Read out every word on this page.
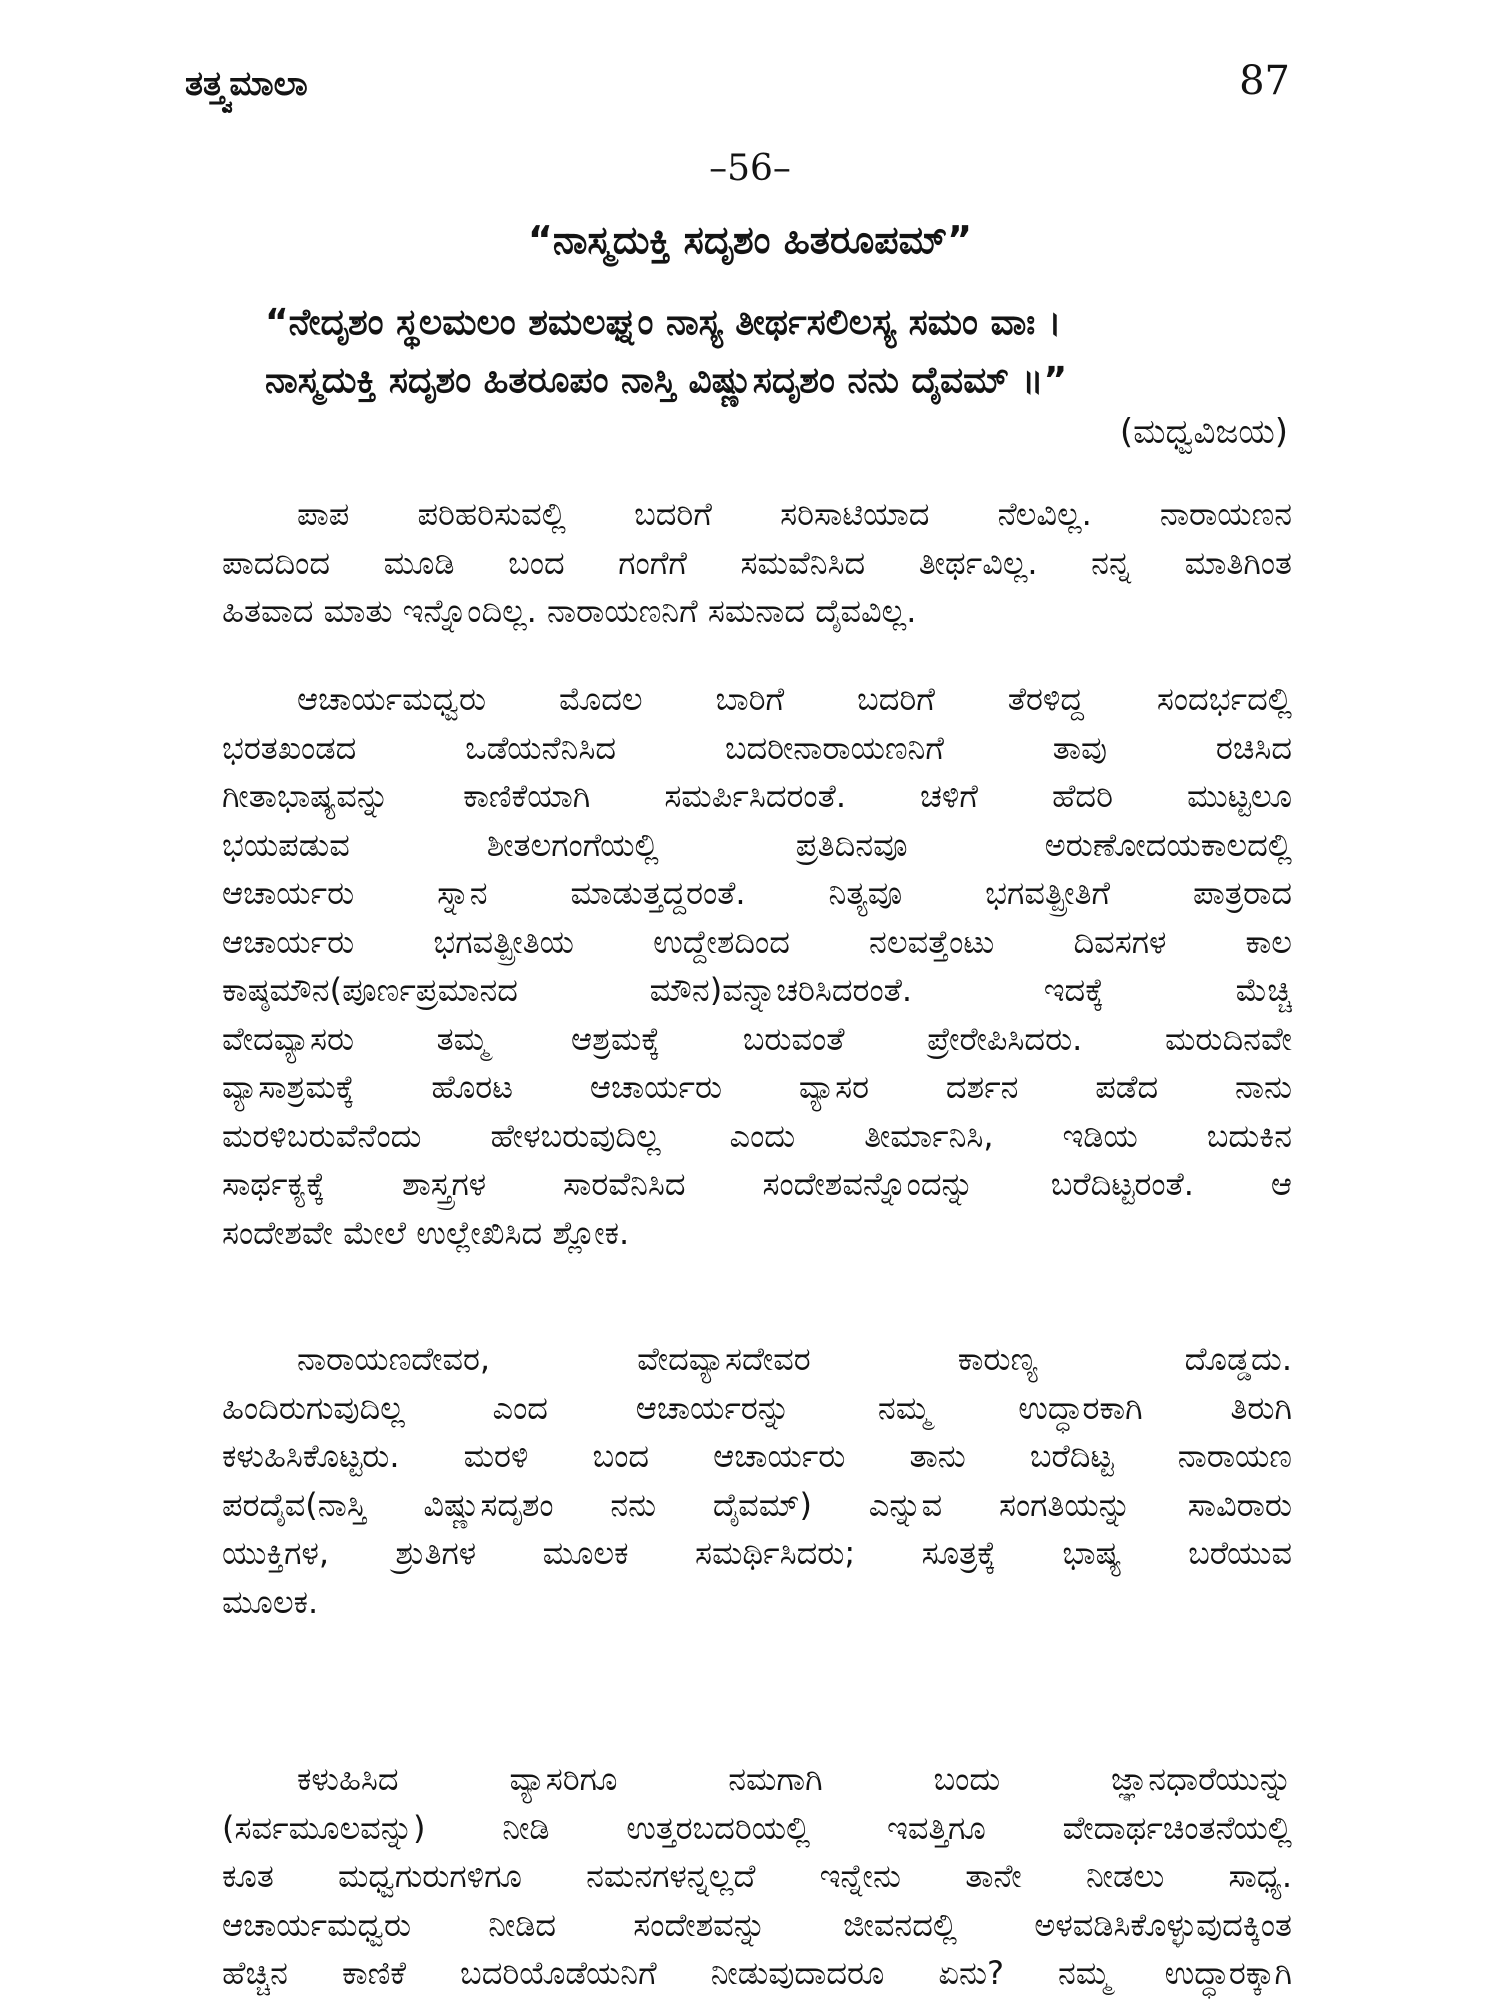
ತತ್ತ್ವಮಾಲಾ	87
–56–
“ನಾಸ್ಮದುಕ್ತಿ ಸದೃಶಂ ಹಿತರೂಪಮ್”
“ನೇದೃಶಂ ಸ್ಥಲಮಲಂ ಶಮಲಘ್ನಂ ನಾಸ್ಯ ತೀರ್ಥಸಲಿಲಸ್ಯ ಸಮಂ ವಾಃ ।
ನಾಸ್ಮದುಕ್ತಿ ಸದೃಶಂ ಹಿತರೂಪಂ ನಾಸ್ತಿ ವಿಷ್ಣುಸದೃಶಂ ನನು ದೈವಮ್ ॥”
(ಮಧ್ವವಿಜಯ)
ಪಾಪ ಪರಿಹರಿಸುವಲ್ಲಿ ಬದರಿಗೆ ಸರಿಸಾಟಿಯಾದ ನೆಲವಿಲ್ಲ. ನಾರಾಯಣನ
ಪಾದದಿಂದ ಮೂಡಿ ಬಂದ ಗಂಗೆಗೆ ಸಮವೆನಿಸಿದ ತೀರ್ಥವಿಲ್ಲ. ನನ್ನ ಮಾತಿಗಿಂತ
ಹಿತವಾದ ಮಾತು ಇನ್ನೊಂದಿಲ್ಲ. ನಾರಾಯಣನಿಗೆ ಸಮನಾದ ದೈವವಿಲ್ಲ.
ಆಚಾರ್ಯಮಧ್ವರು ಮೊದಲ ಬಾರಿಗೆ ಬದರಿಗೆ ತೆರಳಿದ್ದ ಸಂದರ್ಭದಲ್ಲಿ
ಭರತಖಂಡದ ಒಡೆಯನೆನಿಸಿದ ಬದರೀನಾರಾಯಣನಿಗೆ ತಾವು ರಚಿಸಿದ
ಗೀತಾಭಾಷ್ಯವನ್ನು ಕಾಣಿಕೆಯಾಗಿ ಸಮರ್ಪಿಸಿದರಂತೆ. ಚಳಿಗೆ ಹೆದರಿ ಮುಟ್ಟಲೂ
ಭಯಪಡುವ ಶೀತಲಗಂಗೆಯಲ್ಲಿ ಪ್ರತಿದಿನವೂ ಅರುಣೋದಯಕಾಲದಲ್ಲಿ
ಆಚಾರ್ಯರು ಸ್ನಾನ ಮಾಡುತ್ತದ್ದರಂತೆ. ನಿತ್ಯವೂ ಭಗವತ್ಪ್ರೀತಿಗೆ ಪಾತ್ರರಾದ
ಆಚಾರ್ಯರು ಭಗವತ್ಪ್ರೀತಿಯ ಉದ್ದೇಶದಿಂದ ನಲವತ್ತೆಂಟು ದಿವಸಗಳ ಕಾಲ
ಕಾಷ್ಠಮೌನ(ಪೂರ್ಣಪ್ರಮಾನದ ಮೌನ)ವನ್ನಾಚರಿಸಿದರಂತೆ. ಇದಕ್ಕೆ ಮೆಚ್ಚಿ
ವೇದವ್ಯಾಸರು ತಮ್ಮ ಆಶ್ರಮಕ್ಕೆ ಬರುವಂತೆ ಪ್ರೇರೇಪಿಸಿದರು. ಮರುದಿನವೇ
ವ್ಯಾಸಾಶ್ರಮಕ್ಕೆ ಹೊರಟ ಆಚಾರ್ಯರು ವ್ಯಾಸರ ದರ್ಶನ ಪಡೆದ ನಾನು
ಮರಳಿಬರುವೆನೆಂದು ಹೇಳಬರುವುದಿಲ್ಲ ಎಂದು ತೀರ್ಮಾನಿಸಿ, ಇಡಿಯ ಬದುಕಿನ
ಸಾರ್ಥಕ್ಯಕ್ಕೆ ಶಾಸ್ತ್ರಗಳ ಸಾರವೆನಿಸಿದ ಸಂದೇಶವನ್ನೊಂದನ್ನು ಬರೆದಿಟ್ಟರಂತೆ. ಆ
ಸಂದೇಶವೇ ಮೇಲೆ ಉಲ್ಲೇಖಿಸಿದ ಶ್ಲೋಕ.
ನಾರಾಯಣದೇವರ, ವೇದವ್ಯಾಸದೇವರ ಕಾರುಣ್ಯ ದೊಡ್ಡದು.
ಹಿಂದಿರುಗುವುದಿಲ್ಲ ಎಂದ ಆಚಾರ್ಯರನ್ನು ನಮ್ಮ ಉದ್ಧಾರಕಾಗಿ ತಿರುಗಿ
ಕಳುಹಿಸಿಕೊಟ್ಟರು. ಮರಳಿ ಬಂದ ಆಚಾರ್ಯರು ತಾನು ಬರೆದಿಟ್ಟ ನಾರಾಯಣ
ಪರದೈವ(ನಾಸ್ತಿ ವಿಷ್ಣುಸದೃಶಂ ನನು ದೈವಮ್) ಎನ್ನುವ ಸಂಗತಿಯನ್ನು ಸಾವಿರಾರು
ಯುಕ್ತಿಗಳ, ಶ್ರುತಿಗಳ ಮೂಲಕ ಸಮರ್ಥಿಸಿದರು; ಸೂತ್ರಕ್ಕೆ ಭಾಷ್ಯ ಬರೆಯುವ
ಮೂಲಕ.
ಕಳುಹಿಸಿದ ವ್ಯಾಸರಿಗೂ ನಮಗಾಗಿ ಬಂದು ಜ್ಞಾನಧಾರೆಯುನ್ನು
(ಸರ್ವಮೂಲವನ್ನು) ನೀಡಿ ಉತ್ತರಬದರಿಯಲ್ಲಿ ಇವತ್ತಿಗೂ ವೇದಾರ್ಥಚಿಂತನೆಯಲ್ಲಿ
ಕೂತ ಮಧ್ವಗುರುಗಳಿಗೂ ನಮನಗಳನ್ನಲ್ಲದೆ ಇನ್ನೇನು ತಾನೇ ನೀಡಲು ಸಾಧ್ಯ.
ಆಚಾರ್ಯಮಧ್ವರು ನೀಡಿದ ಸಂದೇಶವನ್ನು ಜೀವನದಲ್ಲಿ ಅಳವಡಿಸಿಕೊಳ್ಳುವುದಕ್ಕಿಂತ
ಹೆಚ್ಚಿನ ಕಾಣಿಕೆ ಬದರಿಯೊಡೆಯನಿಗೆ ನೀಡುವುದಾದರೂ ಏನು? ನಮ್ಮ ಉದ್ಧಾರಕ್ಕಾಗಿ
